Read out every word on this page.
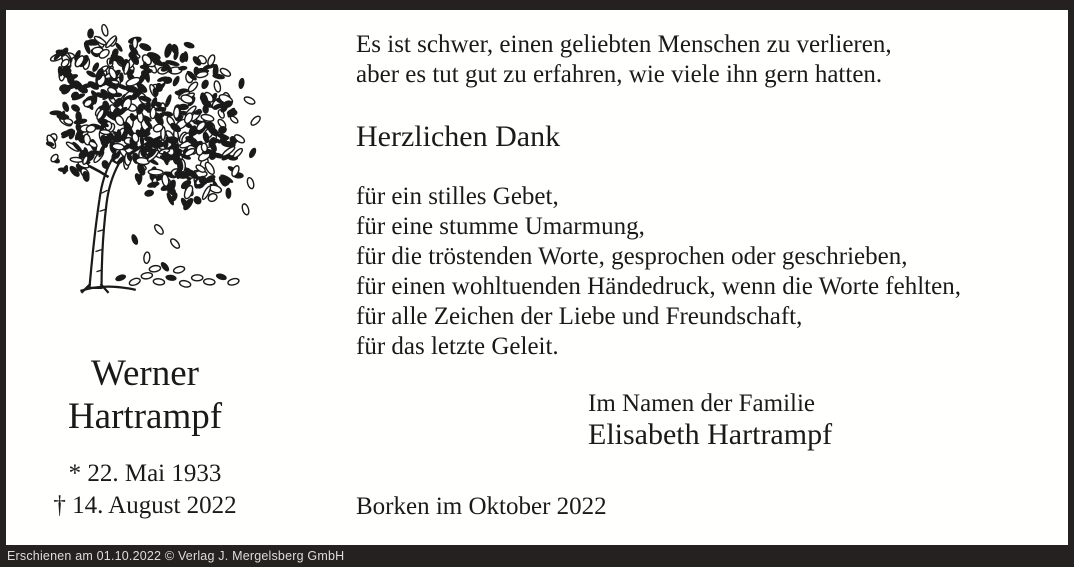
Werner
Hartrampf
* 22. Mai 1933
† 14. August 2022
Es ist schwer, einen geliebten Menschen zu verlieren,
aber es tut gut zu erfahren, wie viele ihn gern hatten.
Herzlichen Dank
für ein stilles Gebet,
für eine stumme Umarmung,
für die tröstenden Worte, gesprochen oder geschrieben,
für einen wohltuenden Händedruck, wenn die Worte fehlten,
für alle Zeichen der Liebe und Freundschaft,
für das letzte Geleit.
Im Namen der Familie
Elisabeth Hartrampf
Borken im Oktober 2022
Erschienen am 01.10.2022 © Verlag J. Mergelsberg GmbH
